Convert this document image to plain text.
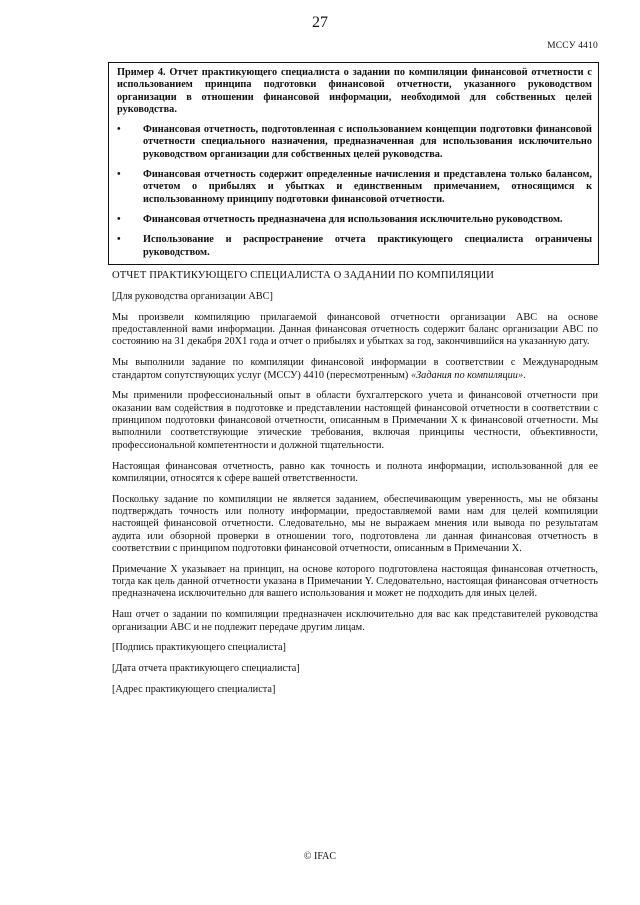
27
МССУ 4410

Пример 4. Отчет практикующего специалиста о задании по компиляции финансовой отчетности с использованием принципа подготовки финансовой отчетности, указанного руководством организации в отношении финансовой информации, необходимой для собственных целей руководства.

• Финансовая отчетность, подготовленная с использованием концепции подготовки финансовой отчетности специального назначения, предназначенная для использования исключительно руководством организации для собственных целей руководства.
• Финансовая отчетность содержит определенные начисления и представлена только балансом, отчетом о прибылях и убытках и единственным примечанием, относящимся к использованному принципу подготовки финансовой отчетности.
• Финансовая отчетность предназначена для использования исключительно руководством.
• Использование и распространение отчета практикующего специалиста ограничены руководством.

ОТЧЕТ ПРАКТИКУЮЩЕГО СПЕЦИАЛИСТА О ЗАДАНИИ ПО КОМПИЛЯЦИИ

[Для руководства организации АВС]

Мы произвели компиляцию прилагаемой финансовой отчетности организации АВС на основе предоставленной вами информации. Данная финансовая отчетность содержит баланс организации АВС по состоянию на 31 декабря 20X1 года и отчет о прибылях и убытках за год, закончившийся на указанную дату.

Мы выполнили задание по компиляции финансовой информации в соответствии с Международным стандартом сопутствующих услуг (МССУ) 4410 (пересмотренным) «Задания по компиляции».

Мы применили профессиональный опыт в области бухгалтерского учета и финансовой отчетности при оказании вам содействия в подготовке и представлении настоящей финансовой отчетности в соответствии с принципом подготовки финансовой отчетности, описанным в Примечании X к финансовой отчетности. Мы выполнили соответствующие этические требования, включая принципы честности, объективности, профессиональной компетентности и должной тщательности.

Настоящая финансовая отчетность, равно как точность и полнота информации, использованной для ее компиляции, относятся к сфере вашей ответственности.

Поскольку задание по компиляции не является заданием, обеспечивающим уверенность, мы не обязаны подтверждать точность или полноту информации, предоставляемой вами нам для целей компиляции настоящей финансовой отчетности. Следовательно, мы не выражаем мнения или вывода по результатам аудита или обзорной проверки в отношении того, подготовлена ли данная финансовая отчетность в соответствии с принципом подготовки финансовой отчетности, описанным в Примечании X.

Примечание X указывает на принцип, на основе которого подготовлена настоящая финансовая отчетность, тогда как цель данной отчетности указана в Примечании Y. Следовательно, настоящая финансовая отчетность предназначена исключительно для вашего использования и может не подходить для иных целей.

Наш отчет о задании по компиляции предназначен исключительно для вас как представителей руководства организации АВС и не подлежит передаче другим лицам.

[Подпись практикующего специалиста]

[Дата отчета практикующего специалиста]

[Адрес практикующего специалиста]

© IFAC
